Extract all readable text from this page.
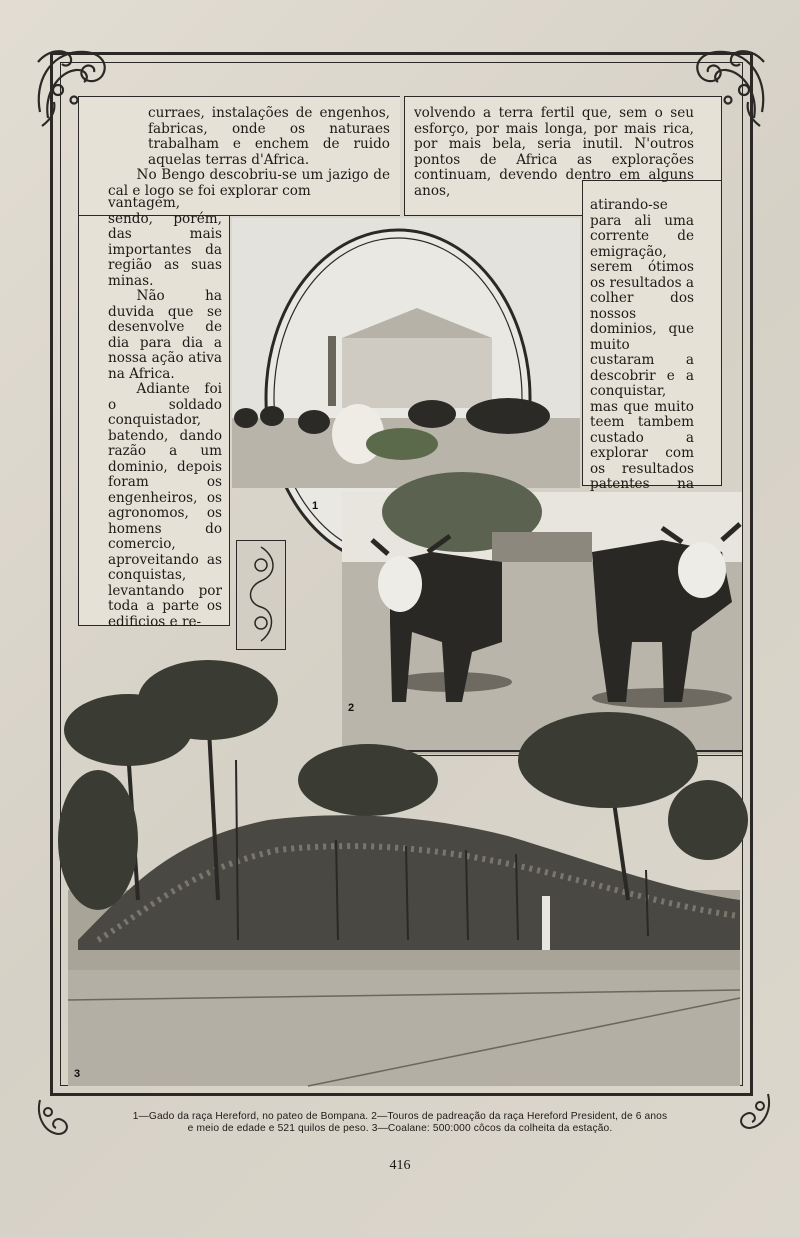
curraes, instalações de engenhos, fabricas, onde os naturaes trabalham e enchem de ruido aquelas terras d'Africa.

No Bengo descobriu-se um jazigo de cal e logo se foi explorar com

vantagem, sendo, porém, das mais importantes da região as suas minas.

Não ha duvida que se desenvolve de dia para dia a nossa ação ativa na Africa.

Adiante foi o soldado conquistador, batendo, dando razão a um dominio, depois foram os engenheiros, os agronomos, os homens do comercio, aproveitando as conquistas, levantando por toda a parte os edificios e re-

volvendo a terra fertil que, sem o seu esforço, por mais longa, por mais rica, por mais bela, seria inutil. N'outros pontos de Africa as explorações continuam, devendo dentro em alguns anos,

atirando-se para ali uma corrente de emigração, serem ótimos os resultados a colher dos nossos dominios, que muito custaram a descobrir e a conquistar, mas que muito teem tambem custado a explorar com os resultados patentes na

1
2
3
1—Gado da raça Hereford, no pateo de Bompana. 2—Touros de padreação da raça Hereford President, de 6 anos
e meio de edade e 521 quilos de peso. 3—Coalane: 500:000 côcos da colheita da estação.
416
